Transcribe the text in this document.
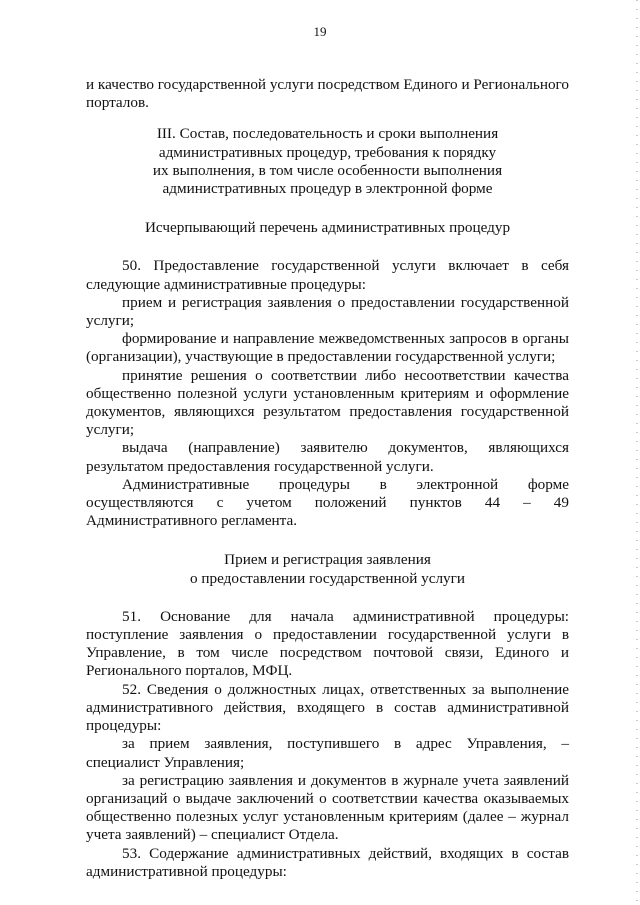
19

и качество государственной услуги посредством Единого и Регионального порталов.

III. Состав, последовательность и сроки выполнения
административных процедур, требования к порядку
их выполнения, в том числе особенности выполнения
административных процедур в электронной форме
Исчерпывающий перечень административных процедур

50. Предоставление государственной услуги включает в себя следующие административные процедуры:

прием и регистрация заявления о предоставлении государственной услуги;

формирование и направление межведомственных запросов в органы (организации), участвующие в предоставлении государственной услуги;

принятие решения о соответствии либо несоответствии качества общественно полезной услуги установленным критериям и оформление документов, являющихся результатом предоставления государственной услуги;

выдача (направление) заявителю документов, являющихся результатом предоставления государственной услуги.

Административные процедуры в электронной форме осуществляются с учетом положений пунктов 44 – 49 Административного регламента.

Прием и регистрация заявления
о предоставлении государственной услуги

51. Основание для начала административной процедуры: поступление заявления о предоставлении государственной услуги в Управление, в том числе посредством почтовой связи, Единого и Регионального порталов, МФЦ.

52. Сведения о должностных лицах, ответственных за выполнение административного действия, входящего в состав административной процедуры:

за прием заявления, поступившего в адрес Управления, – специалист Управления;

за регистрацию заявления и документов в журнале учета заявлений организаций о выдаче заключений о соответствии качества оказываемых общественно полезных услуг установленным критериям (далее – журнал учета заявлений) – специалист Отдела.

53. Содержание административных действий, входящих в состав административной процедуры:
